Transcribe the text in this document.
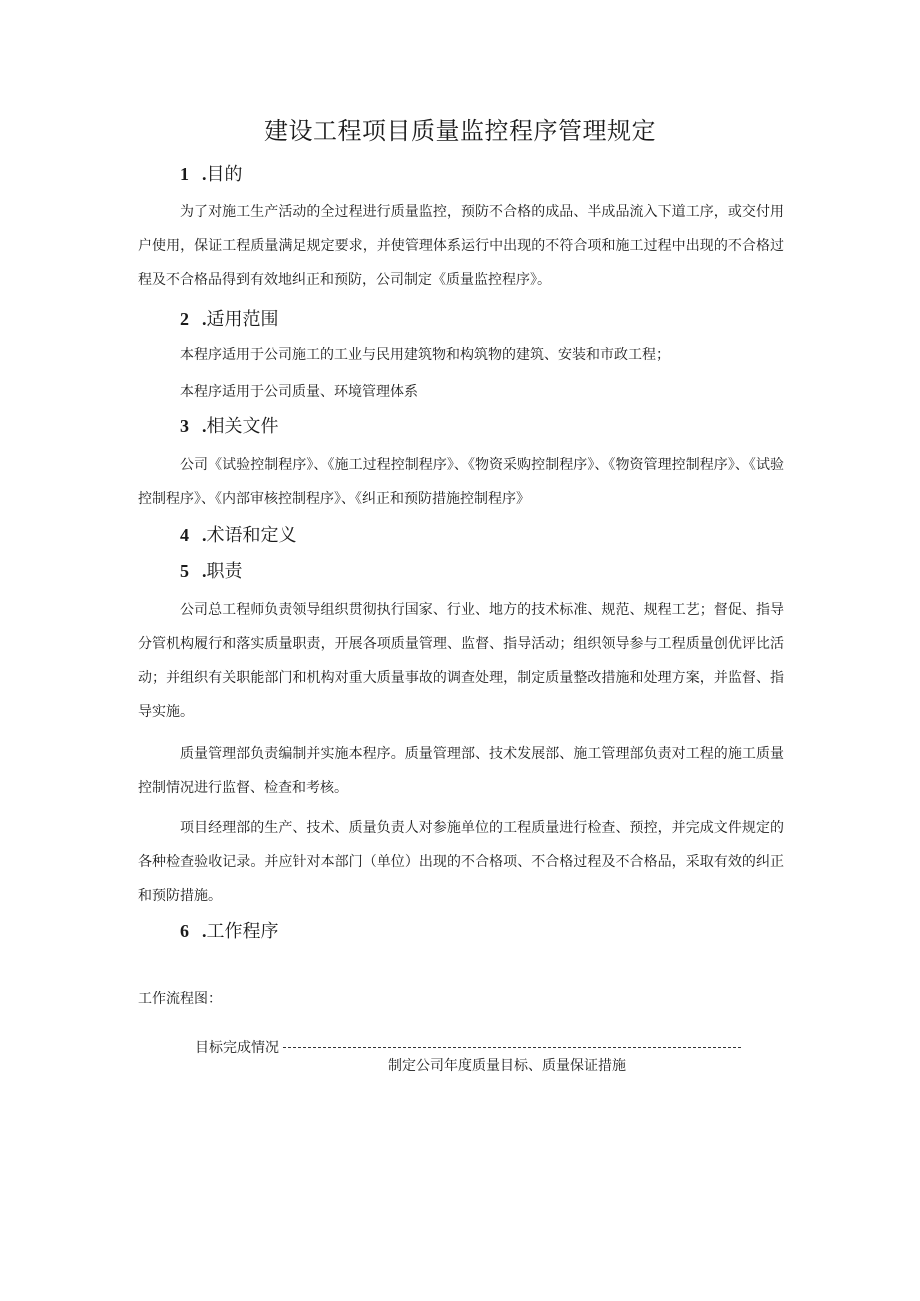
建设工程项目质量监控程序管理规定
1 .目的

为了对施工生产活动的全过程进行质量监控，预防不合格的成品、半成品流入下道工序，或交付用户使用，保证工程质量满足规定要求，并使管理体系运行中出现的不符合项和施工过程中出现的不合格过程及不合格品得到有效地纠正和预防，公司制定《质量监控程序》。

2 .适用范围
本程序适用于公司施工的工业与民用建筑物和构筑物的建筑、安装和市政工程；
本程序适用于公司质量、环境管理体系
3 .相关文件

公司《试验控制程序》、《施工过程控制程序》、《物资采购控制程序》、《物资管理控制程序》、《试验控制程序》、《内部审核控制程序》、《纠正和预防措施控制程序》

4 .术语和定义
5 .职责

公司总工程师负责领导组织贯彻执行国家、行业、地方的技术标准、规范、规程工艺；督促、指导分管机构履行和落实质量职责，开展各项质量管理、监督、指导活动；组织领导参与工程质量创优评比活动；并组织有关职能部门和机构对重大质量事故的调查处理，制定质量整改措施和处理方案，并监督、指导实施。

质量管理部负责编制并实施本程序。质量管理部、技术发展部、施工管理部负责对工程的施工质量控制情况进行监督、检查和考核。

项目经理部的生产、技术、质量负责人对参施单位的工程质量进行检查、预控，并完成文件规定的各种检查验收记录。并应针对本部门（单位）出现的不合格项、不合格过程及不合格品，采取有效的纠正和预防措施。

6 .工作程序
工作流程图：
目标完成情况
制定公司年度质量目标、质量保证措施
